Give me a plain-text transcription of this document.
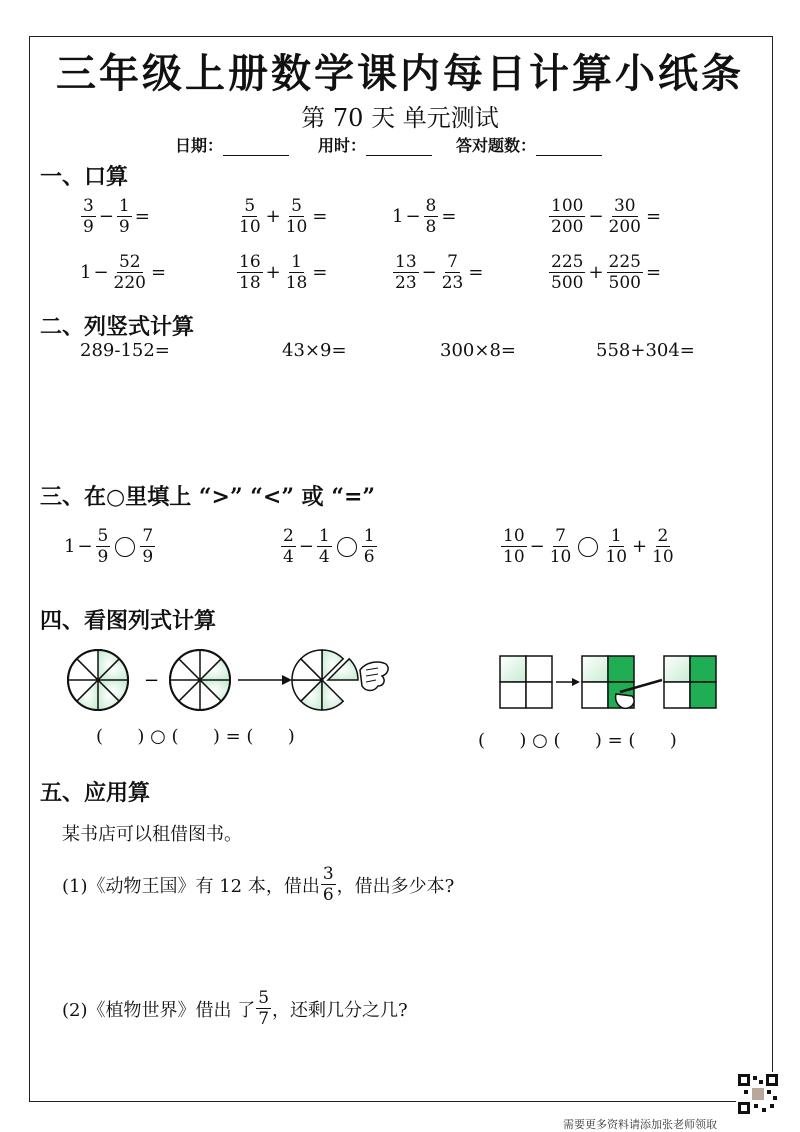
三年级上册数学课内每日计算小纸条
第 70 天 单元测试
日期：	用时：	答对题数：
一、口算
$\frac{3}{9} - \frac{1}{9}$ =	$\frac{5}{10} + \frac{5}{10}$ =	$1 - \frac{8}{8}$ =	$\frac{100}{200} - \frac{30}{200}$ =
$1 - \frac{52}{220}$ =	$\frac{16}{18} + \frac{1}{18}$ =	$\frac{13}{23} - \frac{7}{23}$ =	$\frac{225}{500} + \frac{225}{500}$ =
二、列竖式计算
289-152=	43×9=	300×8=	558+304=
三、在○里填上 “>” “<” 或 “=”
$1 - \frac{5}{9} \frac{7}{9}$	$\frac{2}{4} - \frac{1}{4} \frac{1}{6}$	$\frac{10}{10} - \frac{7}{10} \frac{1}{10} + \frac{2}{10}$
四、看图列式计算
−
(      ) ○ (      ) = (      )	(      ) ○ (      ) = (      )
五、应用算
某书店可以租借图书。
(1)《动物王国》有 12 本，借出 $\frac{3}{6}$ ，借出多少本?
(2)《植物世界》借出 了 $\frac{5}{7}$ ，还剩几分之几?
需要更多资料请添加张老师领取
